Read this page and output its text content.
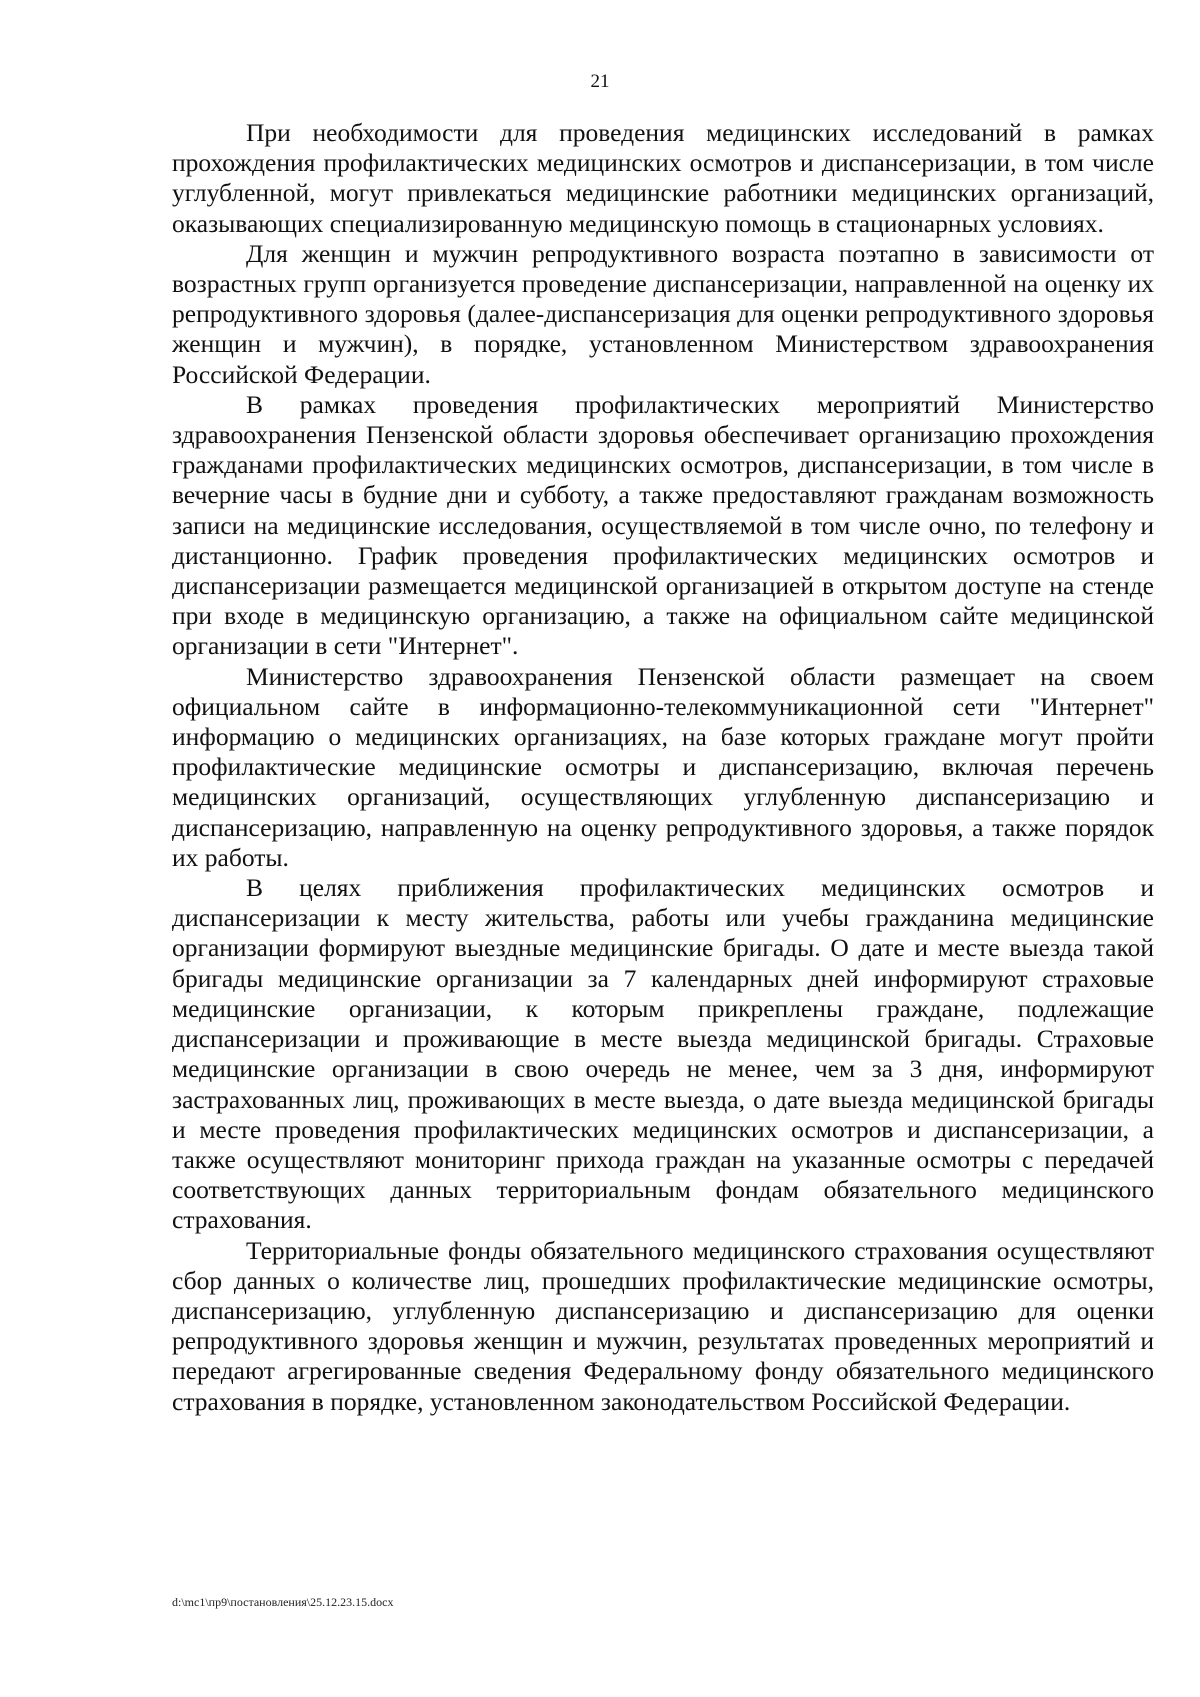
21

При необходимости для проведения медицинских исследований в рамках прохождения профилактических медицинских осмотров и диспансеризации, в том числе углубленной, могут привлекаться медицинские работники медицинских организаций, оказывающих специализированную медицинскую помощь в стационарных условиях.

Для женщин и мужчин репродуктивного возраста поэтапно в зависимости от возрастных групп организуется проведение диспансеризации, направленной на оценку их репродуктивного здоровья (далее-диспансеризация для оценки репродуктивного здоровья женщин и мужчин), в порядке, установленном Министерством здравоохранения Российской Федерации.

В рамках проведения профилактических мероприятий Министерство здравоохранения Пензенской области здоровья обеспечивает организацию прохождения гражданами профилактических медицинских осмотров, диспансеризации, в том числе в вечерние часы в будние дни и субботу, а также предоставляют гражданам возможность записи на медицинские исследования, осуществляемой в том числе очно, по телефону и дистанционно. График проведения профилактических медицинских осмотров и диспансеризации размещается медицинской организацией в открытом доступе на стенде при входе в медицинскую организацию, а также на официальном сайте медицинской организации в сети "Интернет".

Министерство здравоохранения Пензенской области размещает на своем официальном сайте в информационно-телекоммуникационной сети "Интернет" информацию о медицинских организациях, на базе которых граждане могут пройти профилактические медицинские осмотры и диспансеризацию, включая перечень медицинских организаций, осуществляющих углубленную диспансеризацию и диспансеризацию, направленную на оценку репродуктивного здоровья, а также порядок их работы.

В целях приближения профилактических медицинских осмотров и диспансеризации к месту жительства, работы или учебы гражданина медицинские организации формируют выездные медицинские бригады. О дате и месте выезда такой бригады медицинские организации за 7 календарных дней информируют страховые медицинские организации, к которым прикреплены граждане, подлежащие диспансеризации и проживающие в месте выезда медицинской бригады. Страховые медицинские организации в свою очередь не менее, чем за 3 дня, информируют застрахованных лиц, проживающих в месте выезда, о дате выезда медицинской бригады и месте проведения профилактических медицинских осмотров и диспансеризации, а также осуществляют мониторинг прихода граждан на указанные осмотры с передачей соответствующих данных территориальным фондам обязательного медицинского страхования.

Территориальные фонды обязательного медицинского страхования осуществляют сбор данных о количестве лиц, прошедших профилактические медицинские осмотры, диспансеризацию, углубленную диспансеризацию и диспансеризацию для оценки репродуктивного здоровья женщин и мужчин, результатах проведенных мероприятий и передают агрегированные сведения Федеральному фонду обязательного медицинского страхования в порядке, установленном законодательством Российской Федерации.

d:\mc1\пр9\постановления\25.12.23.15.docx
